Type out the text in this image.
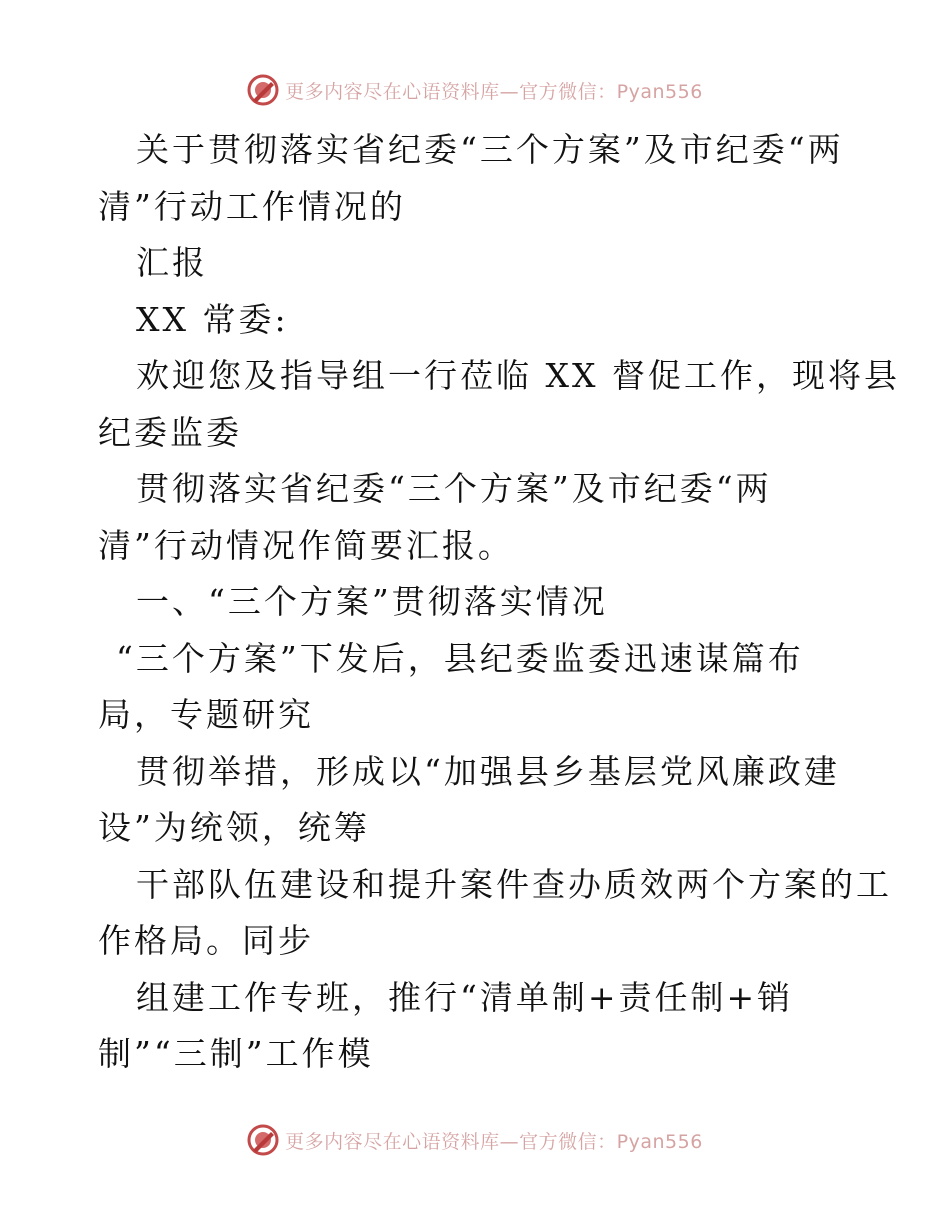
更多内容尽在心语资料库—官方微信：Pyan556
关于贯彻落实省纪委“三个方案”及市纪委“两
清”行动工作情况的
汇报
XX 常委:
欢迎您及指导组一行莅临 XX 督促工作，现将县
纪委监委
贯彻落实省纪委“三个方案”及市纪委“两
清”行动情况作简要汇报。
一、“三个方案”贯彻落实情况
“三个方案”下发后，县纪委监委迅速谋篇布
局，专题研究
贯彻举措，形成以“加强县乡基层党风廉政建
设”为统领，统筹
干部队伍建设和提升案件查办质效两个方案的工
作格局。同步
组建工作专班，推行“清单制+责任制+销
制”“三制”工作模
更多内容尽在心语资料库—官方微信：Pyan556
